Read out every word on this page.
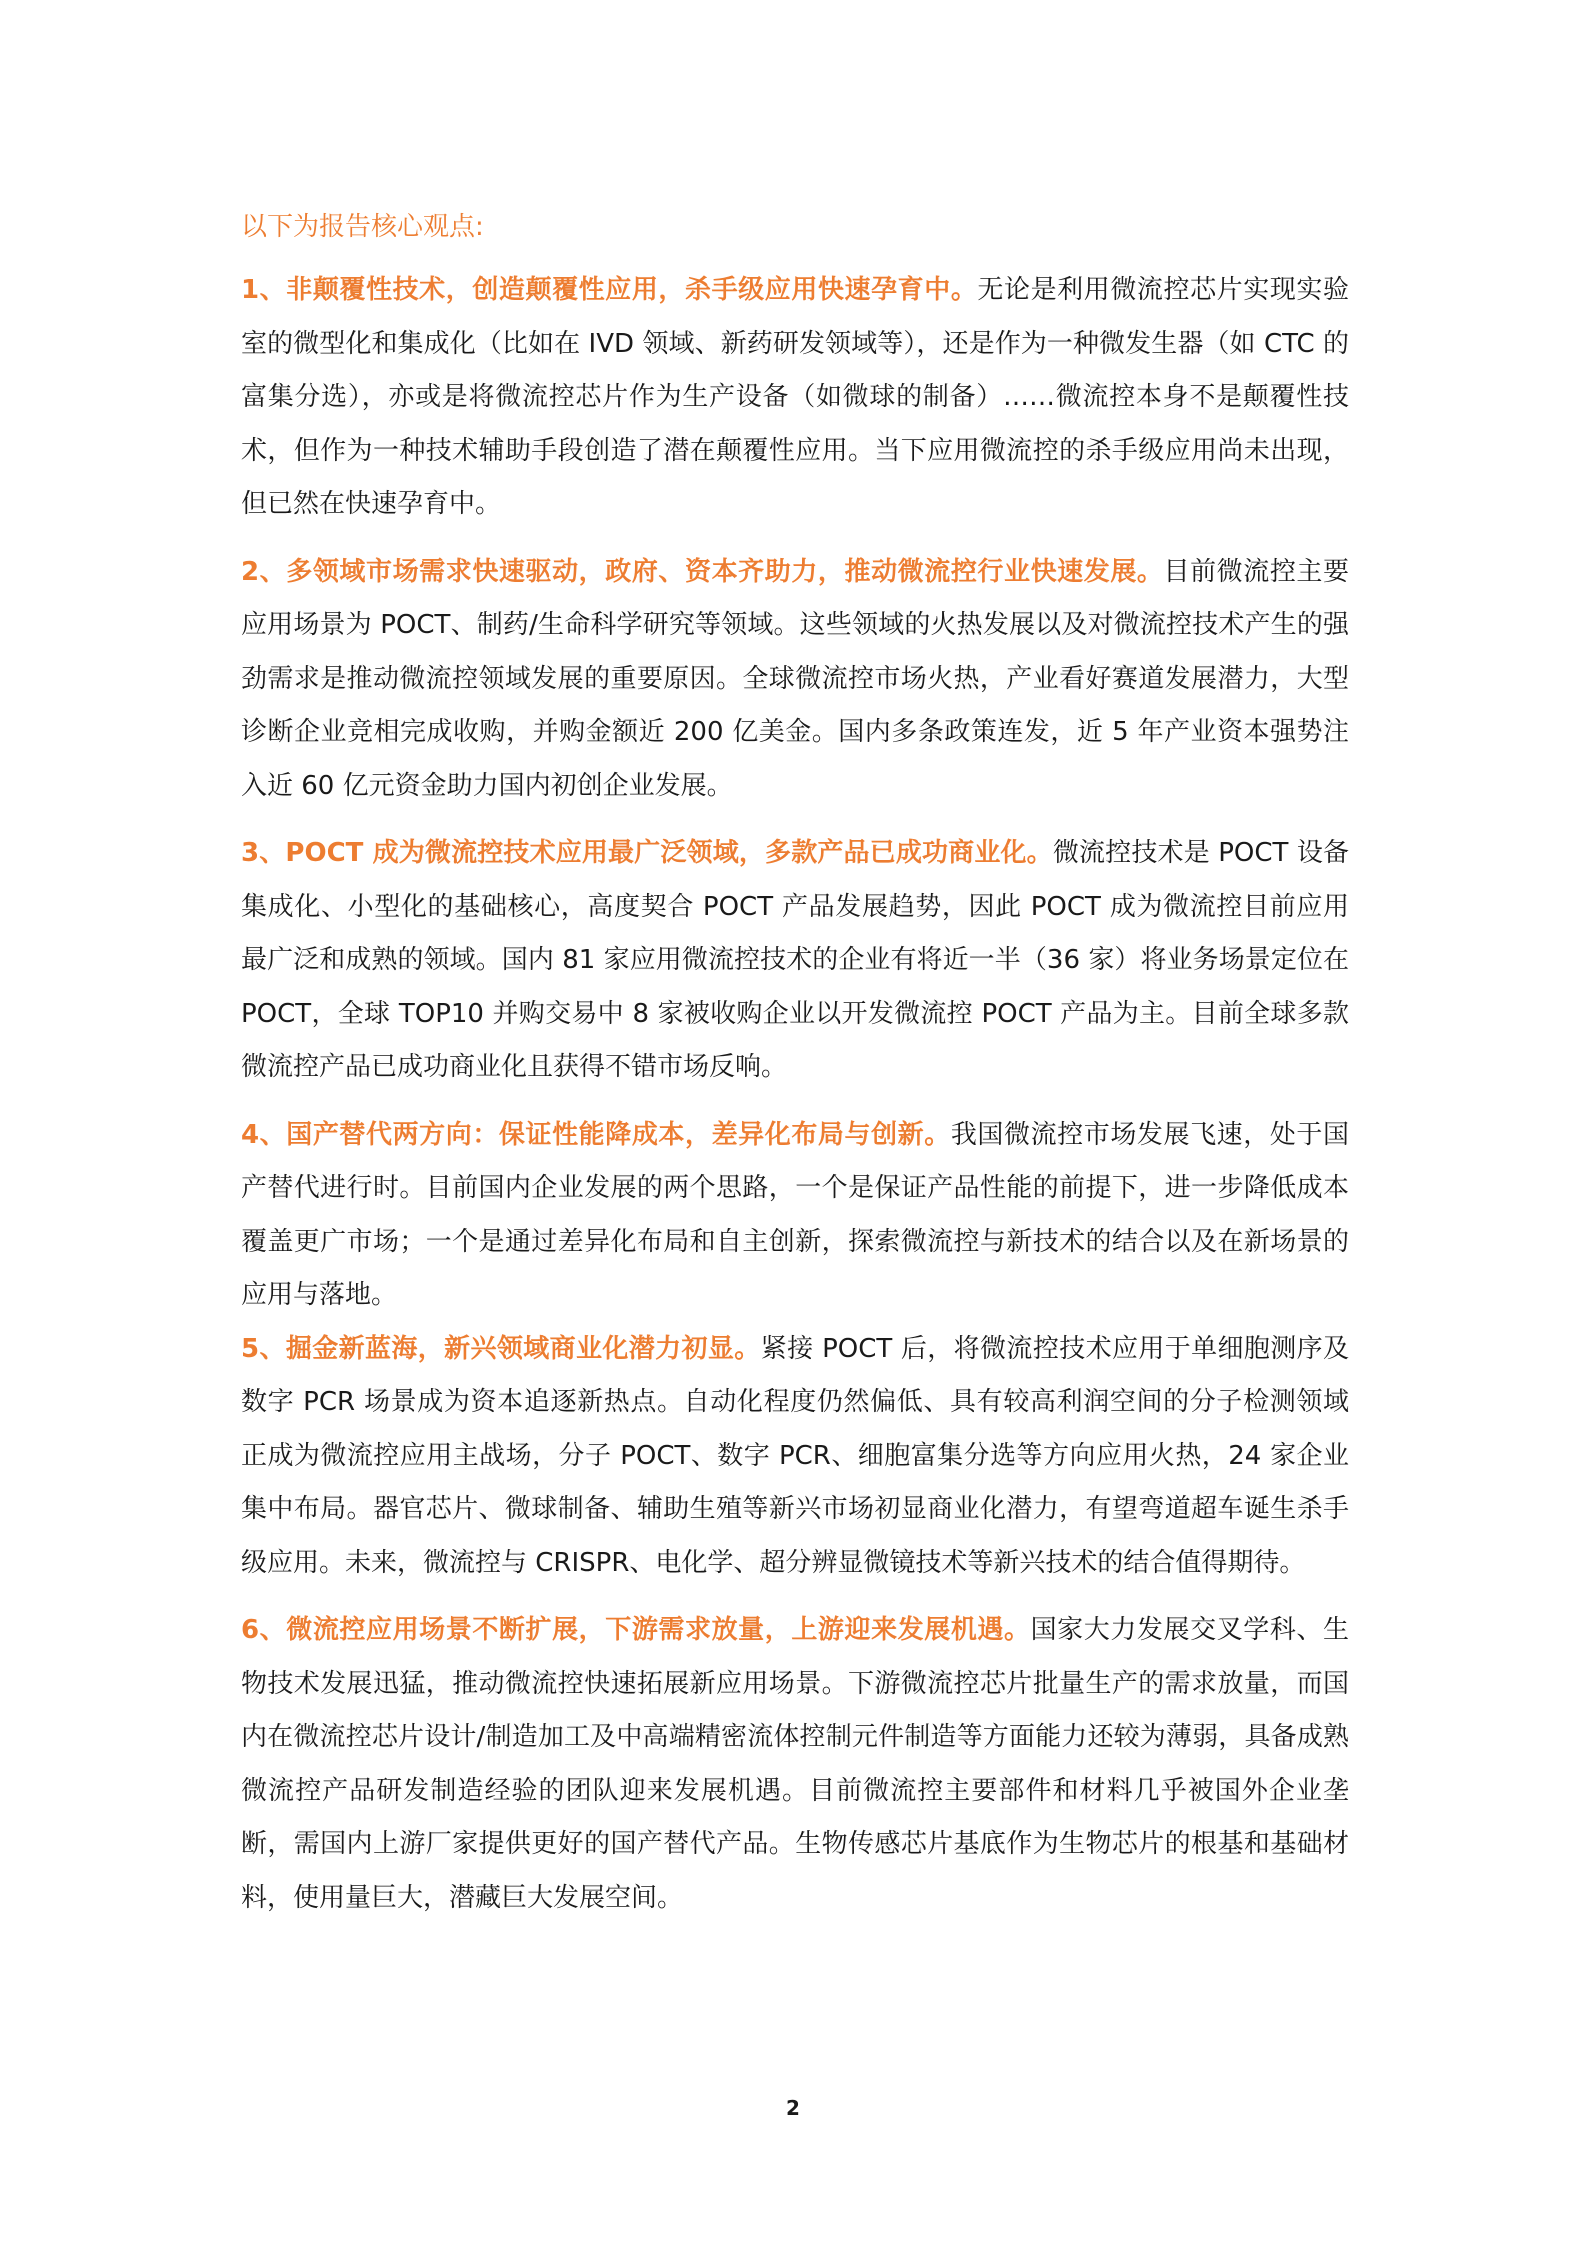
以下为报告核心观点:

1、非颠覆性技术，创造颠覆性应用，杀手级应用快速孕育中。无论是利用微流控芯片实现实验室的微型化和集成化（比如在 IVD 领域、新药研发领域等），还是作为一种微发生器（如 CTC 的富集分选），亦或是将微流控芯片作为生产设备（如微球的制备）……微流控本身不是颠覆性技术，但作为一种技术辅助手段创造了潜在颠覆性应用。当下应用微流控的杀手级应用尚未出现，但已然在快速孕育中。

2、多领域市场需求快速驱动，政府、资本齐助力，推动微流控行业快速发展。目前微流控主要应用场景为 POCT、制药/生命科学研究等领域。这些领域的火热发展以及对微流控技术产生的强劲需求是推动微流控领域发展的重要原因。全球微流控市场火热，产业看好赛道发展潜力，大型诊断企业竞相完成收购，并购金额近 200 亿美金。国内多条政策连发，近 5 年产业资本强势注入近 60 亿元资金助力国内初创企业发展。

3、POCT 成为微流控技术应用最广泛领域，多款产品已成功商业化。微流控技术是 POCT 设备集成化、小型化的基础核心，高度契合 POCT 产品发展趋势，因此 POCT 成为微流控目前应用最广泛和成熟的领域。国内 81 家应用微流控技术的企业有将近一半（36 家）将业务场景定位在 POCT，全球 TOP10 并购交易中 8 家被收购企业以开发微流控 POCT 产品为主。目前全球多款微流控产品已成功商业化且获得不错市场反响。

4、国产替代两方向：保证性能降成本，差异化布局与创新。我国微流控市场发展飞速，处于国产替代进行时。目前国内企业发展的两个思路，一个是保证产品性能的前提下，进一步降低成本覆盖更广市场；一个是通过差异化布局和自主创新，探索微流控与新技术的结合以及在新场景的应用与落地。

5、掘金新蓝海，新兴领域商业化潜力初显。紧接 POCT 后，将微流控技术应用于单细胞测序及数字 PCR 场景成为资本追逐新热点。自动化程度仍然偏低、具有较高利润空间的分子检测领域正成为微流控应用主战场，分子 POCT、数字 PCR、细胞富集分选等方向应用火热，24 家企业集中布局。器官芯片、微球制备、辅助生殖等新兴市场初显商业化潜力，有望弯道超车诞生杀手级应用。未来，微流控与 CRISPR、电化学、超分辨显微镜技术等新兴技术的结合值得期待。

6、微流控应用场景不断扩展，下游需求放量，上游迎来发展机遇。国家大力发展交叉学科、生物技术发展迅猛，推动微流控快速拓展新应用场景。下游微流控芯片批量生产的需求放量，而国内在微流控芯片设计/制造加工及中高端精密流体控制元件制造等方面能力还较为薄弱，具备成熟微流控产品研发制造经验的团队迎来发展机遇。目前微流控主要部件和材料几乎被国外企业垄断，需国内上游厂家提供更好的国产替代产品。生物传感芯片基底作为生物芯片的根基和基础材料，使用量巨大，潜藏巨大发展空间。

2
